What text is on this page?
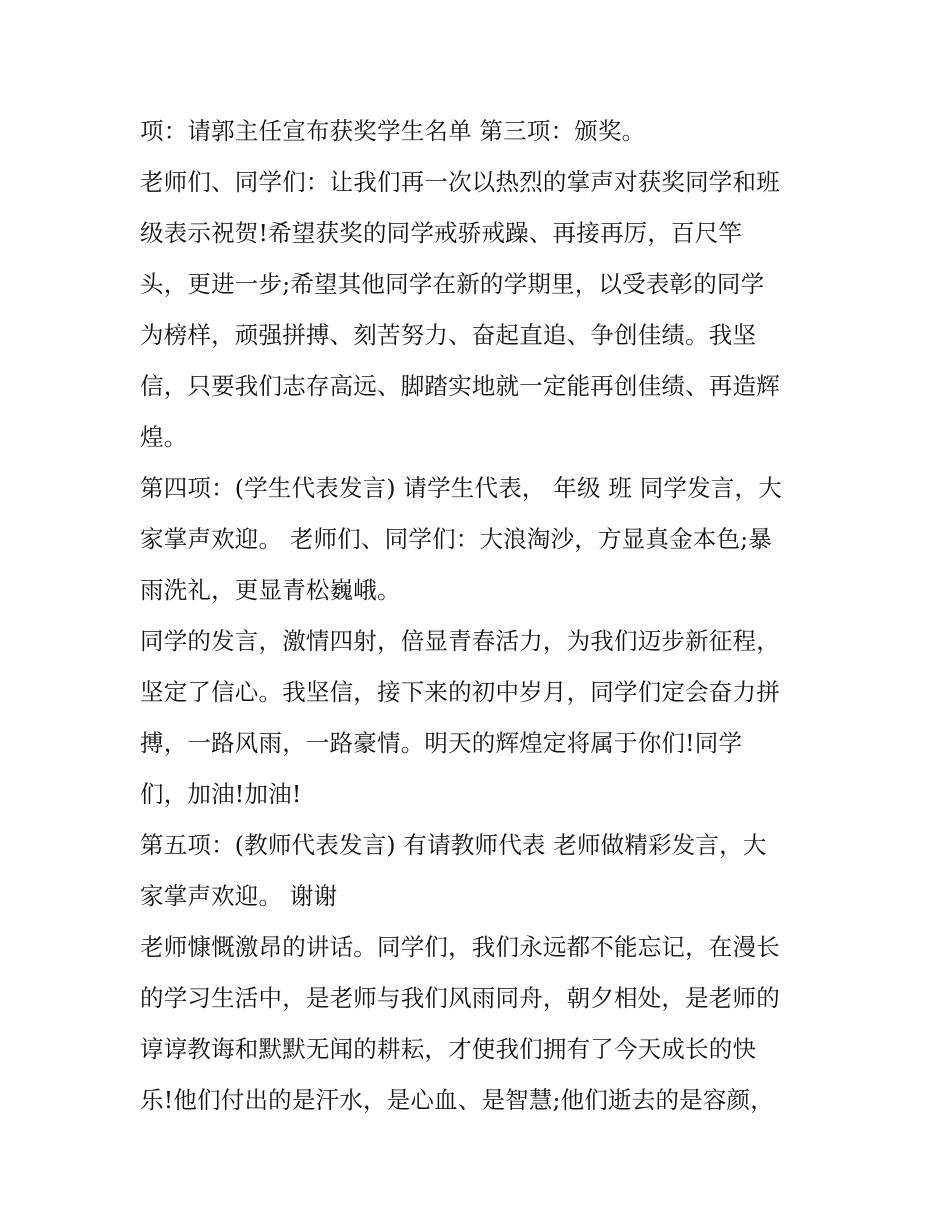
项：请郭主任宣布获奖学生名单 第三项：颁奖。
老师们、同学们：让我们再一次以热烈的掌声对获奖同学和班
级表示祝贺!希望获奖的同学戒骄戒躁、再接再厉，百尺竿
头，更进一步;希望其他同学在新的学期里，以受表彰的同学
为榜样，顽强拼搏、刻苦努力、奋起直追、争创佳绩。我坚
信，只要我们志存高远、脚踏实地就一定能再创佳绩、再造辉
煌。
第四项：(学生代表发言) 请学生代表， 年级 班 同学发言，大
家掌声欢迎。 老师们、同学们：大浪淘沙，方显真金本色;暴
雨洗礼，更显青松巍峨。
同学的发言，激情四射，倍显青春活力，为我们迈步新征程，
坚定了信心。我坚信，接下来的初中岁月，同学们定会奋力拼
搏，一路风雨，一路豪情。明天的辉煌定将属于你们!同学
们，加油!加油!
第五项：(教师代表发言) 有请教师代表 老师做精彩发言，大
家掌声欢迎。 谢谢
老师慷慨激昂的讲话。同学们，我们永远都不能忘记，在漫长
的学习生活中，是老师与我们风雨同舟，朝夕相处，是老师的
谆谆教诲和默默无闻的耕耘，才使我们拥有了今天成长的快
乐!他们付出的是汗水，是心血、是智慧;他们逝去的是容颜，
